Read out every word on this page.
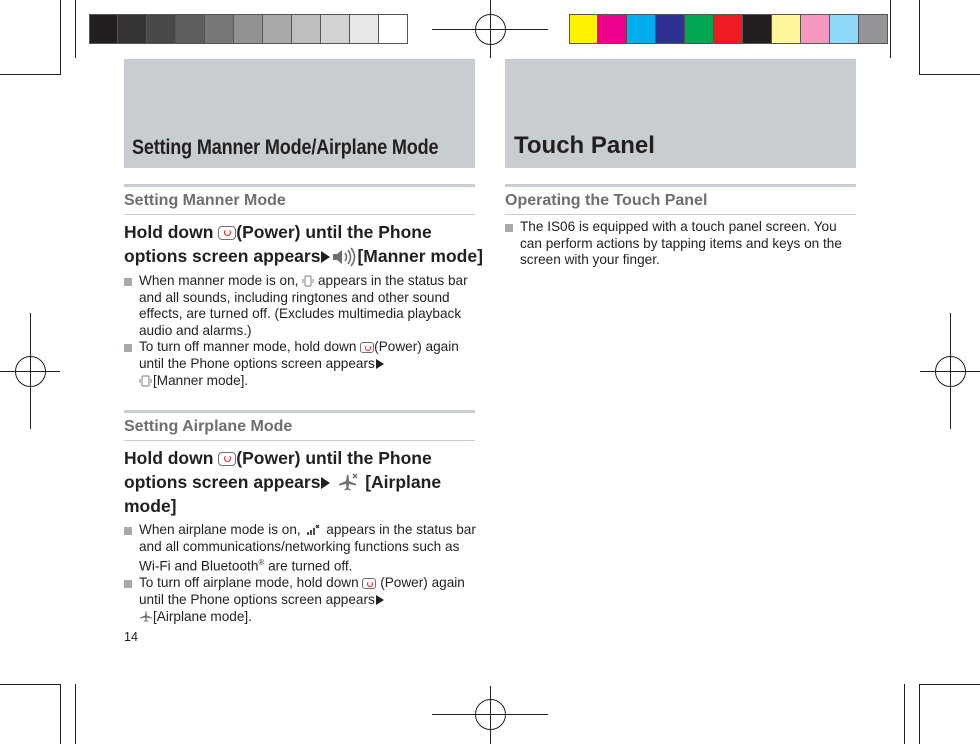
Setting Manner Mode/Airplane Mode
Setting Manner Mode
Hold down (Power) until the Phone
options screen appears [Manner mode]
When manner mode is on,  appears in the status bar and all sounds, including ringtones and other sound effects, are turned off. (Excludes multimedia playback audio and alarms.)
To turn off manner mode, hold down (Power) again until the Phone options screen appears
[Manner mode].
Setting Airplane Mode
Hold down (Power) until the Phone
options screen appears  [Airplane
mode]
When airplane mode is on,  appears in the status bar and all communications/networking functions such as Wi-Fi and Bluetooth® are turned off.
To turn off airplane mode, hold down  (Power) again until the Phone options screen appears
[Airplane mode].
14
Touch Panel
Operating the Touch Panel
The IS06 is equipped with a touch panel screen. You can perform actions by tapping items and keys on the screen with your finger.
